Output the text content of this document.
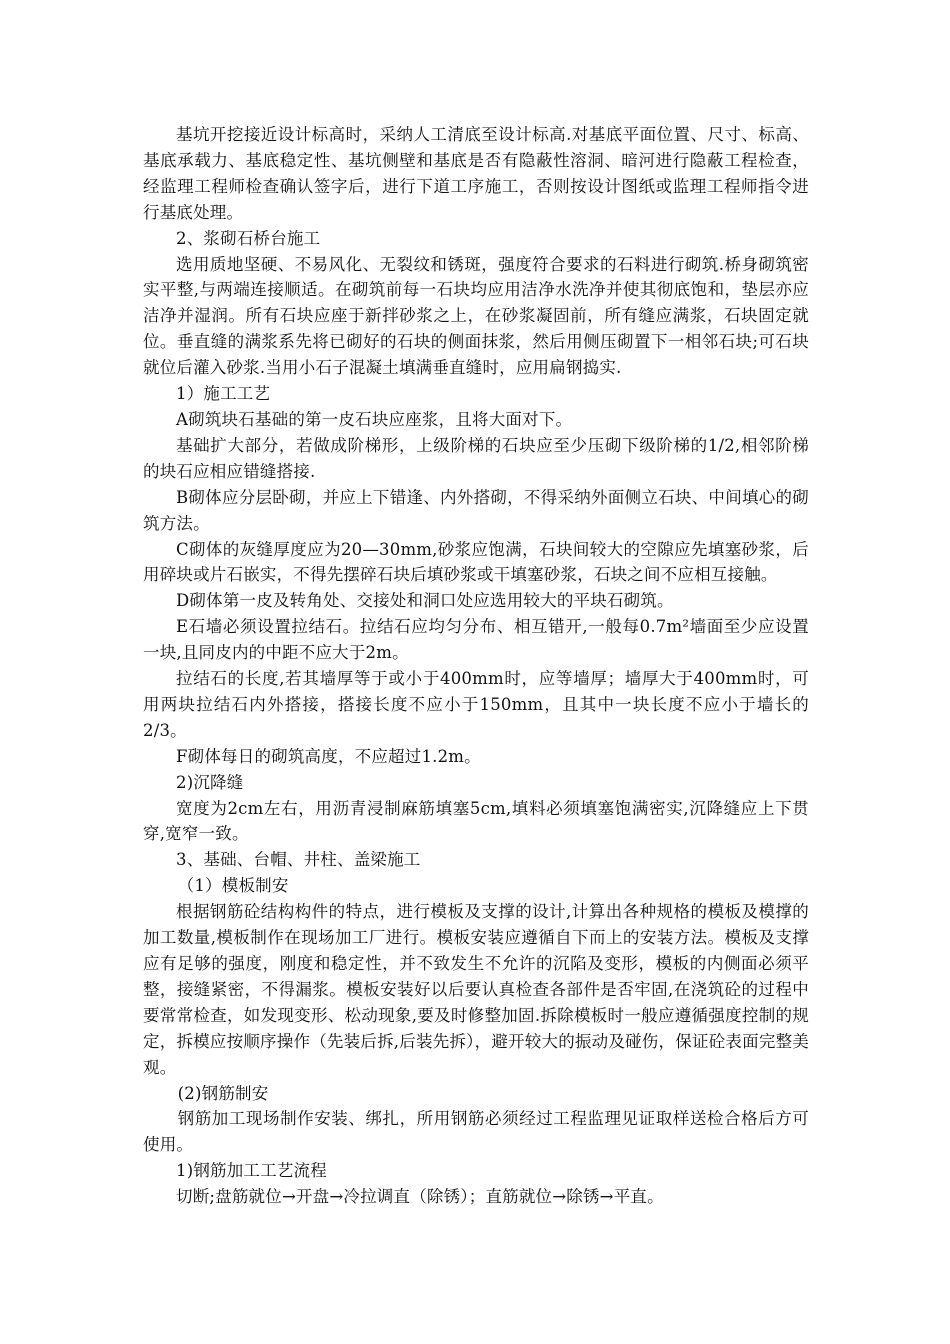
基坑开挖接近设计标高时，采纳人工清底至设计标高.对基底平面位置、尺寸、标高、基底承载力、基底稳定性、基坑侧壁和基底是否有隐蔽性溶洞、暗河进行隐蔽工程检查，经监理工程师检查确认签字后，进行下道工序施工，否则按设计图纸或监理工程师指令进行基底处理。

2、浆砌石桥台施工

选用质地坚硬、不易风化、无裂纹和锈斑，强度符合要求的石料进行砌筑.桥身砌筑密实平整,与两端连接顺适。在砌筑前每一石块均应用洁净水洗净并使其彻底饱和，垫层亦应洁净并湿润。所有石块应座于新拌砂浆之上，在砂浆凝固前，所有缝应满浆，石块固定就位。垂直缝的满浆系先将已砌好的石块的侧面抹浆，然后用侧压砌置下一相邻石块;可石块就位后灌入砂浆.当用小石子混凝土填满垂直缝时，应用扁钢捣实.

1）施工工艺

A砌筑块石基础的第一皮石块应座浆，且将大面对下。

基础扩大部分，若做成阶梯形，上级阶梯的石块应至少压砌下级阶梯的1/2,相邻阶梯的块石应相应错缝搭接.

B砌体应分层卧砌，并应上下错逢、内外搭砌，不得采纳外面侧立石块、中间填心的砌筑方法。

C砌体的灰缝厚度应为20—30mm,砂浆应饱满，石块间较大的空隙应先填塞砂浆，后用碎块或片石嵌实，不得先摆碎石块后填砂浆或干填塞砂浆，石块之间不应相互接触。

D砌体第一皮及转角处、交接处和洞口处应选用较大的平块石砌筑。

E石墙必须设置拉结石。拉结石应均匀分布、相互错开,一般每0.7m²墙面至少应设置一块,且同皮内的中距不应大于2m。

拉结石的长度,若其墙厚等于或小于400mm时，应等墙厚；墙厚大于400mm时，可用两块拉结石内外搭接，搭接长度不应小于150mm，且其中一块长度不应小于墙长的2/3。

F砌体每日的砌筑高度，不应超过1.2m。

2)沉降缝

宽度为2cm左右，用沥青浸制麻筋填塞5cm,填料必须填塞饱满密实,沉降缝应上下贯穿,宽窄一致。

3、基础、台帽、井柱、盖梁施工

（1）模板制安

根据钢筋砼结构构件的特点，进行模板及支撑的设计,计算出各种规格的模板及模撑的加工数量,模板制作在现场加工厂进行。模板安装应遵循自下而上的安装方法。模板及支撑应有足够的强度，刚度和稳定性，并不致发生不允许的沉陷及变形，模板的内侧面必须平整，接缝紧密，不得漏浆。模板安装好以后要认真检查各部件是否牢固,在浇筑砼的过程中要常常检查，如发现变形、松动现象,要及时修整加固.拆除模板时一般应遵循强度控制的规定，拆模应按顺序操作（先装后拆,后装先拆），避开较大的振动及碰伤，保证砼表面完整美观。

(2)钢筋制安

钢筋加工现场制作安装、绑扎，所用钢筋必须经过工程监理见证取样送检合格后方可使用。

1)钢筋加工工艺流程

切断;盘筋就位→开盘→冷拉调直（除锈）；直筋就位→除锈→平直。
